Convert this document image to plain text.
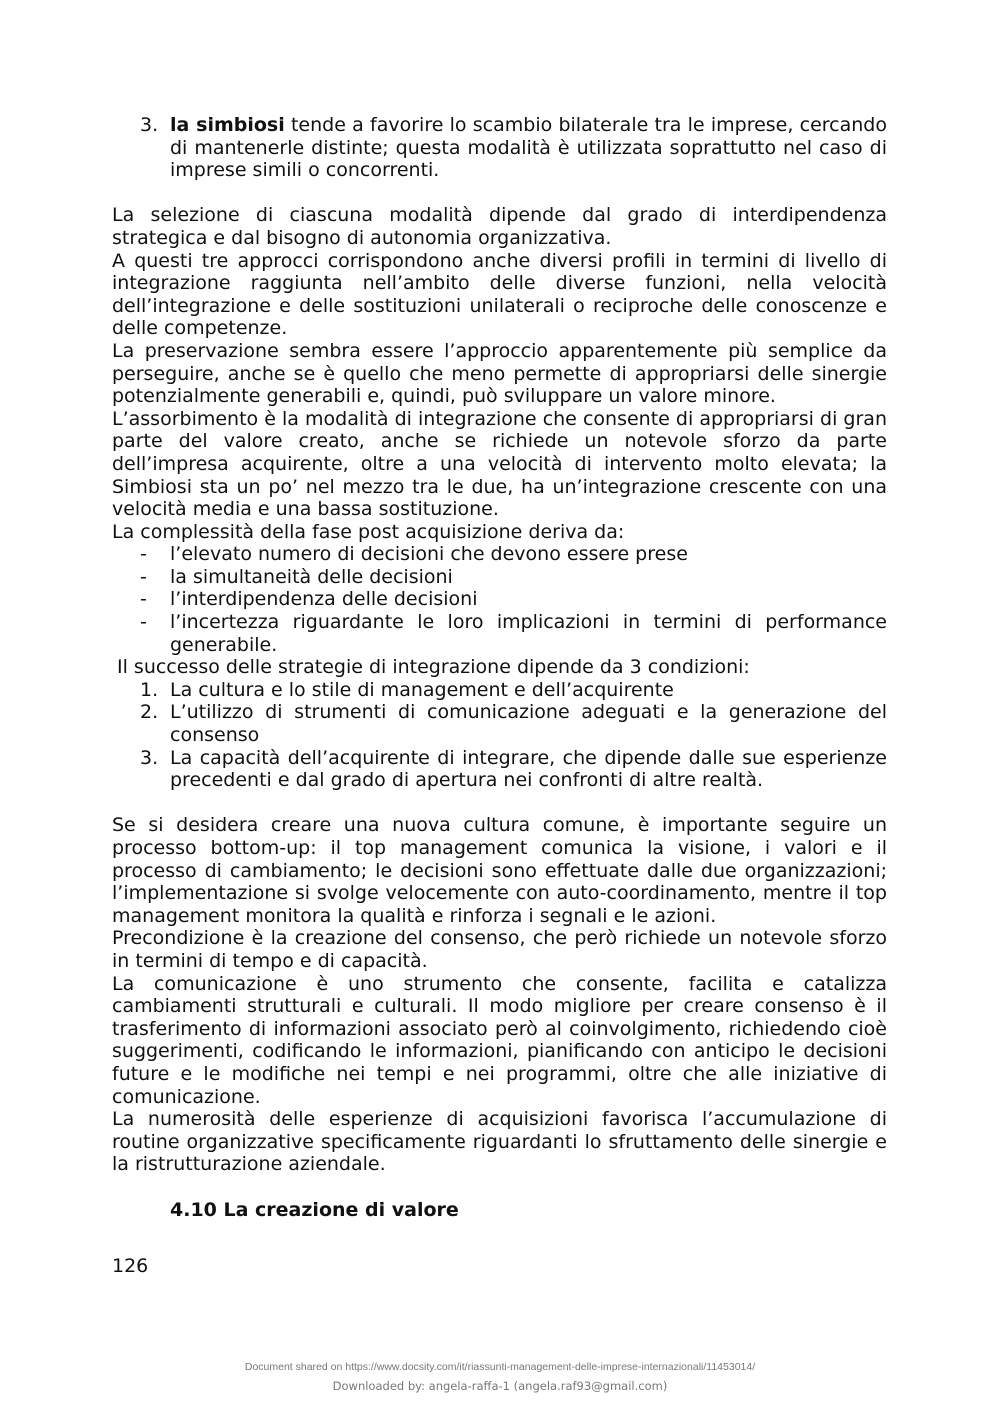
3. la simbiosi tende a favorire lo scambio bilaterale tra le imprese, cercando di mantenerle distinte; questa modalità è utilizzata soprattutto nel caso di imprese simili o concorrenti.

La selezione di ciascuna modalità dipende dal grado di interdipendenza strategica e dal bisogno di autonomia organizzativa.

A questi tre approcci corrispondono anche diversi profili in termini di livello di integrazione raggiunta nell’ambito delle diverse funzioni, nella velocità dell’integrazione e delle sostituzioni unilaterali o reciproche delle conoscenze e delle competenze.

La preservazione sembra essere l’approccio apparentemente più semplice da perseguire, anche se è quello che meno permette di appropriarsi delle sinergie potenzialmente generabili e, quindi, può sviluppare un valore minore.

L’assorbimento è la modalità di integrazione che consente di appropriarsi di gran parte del valore creato, anche se richiede un notevole sforzo da parte dell’impresa acquirente, oltre a una velocità di intervento molto elevata; la Simbiosi sta un po’ nel mezzo tra le due, ha un’integrazione crescente con una velocità media e una bassa sostituzione.

La complessità della fase post acquisizione deriva da:

- l’elevato numero di decisioni che devono essere prese
- la simultaneità delle decisioni
- l’interdipendenza delle decisioni
- l’incertezza riguardante le loro implicazioni in termini di performance generabile.

Il successo delle strategie di integrazione dipende da 3 condizioni:

1. La cultura e lo stile di management e dell’acquirente
2. L’utilizzo di strumenti di comunicazione adeguati e la generazione del consenso
3. La capacità dell’acquirente di integrare, che dipende dalle sue esperienze precedenti e dal grado di apertura nei confronti di altre realtà.

Se si desidera creare una nuova cultura comune, è importante seguire un processo bottom-up: il top management comunica la visione, i valori e il processo di cambiamento; le decisioni sono effettuate dalle due organizzazioni; l’implementazione si svolge velocemente con auto-coordinamento, mentre il top management monitora la qualità e rinforza i segnali e le azioni.

Precondizione è la creazione del consenso, che però richiede un notevole sforzo in termini di tempo e di capacità.

La comunicazione è uno strumento che consente, facilita e catalizza cambiamenti strutturali e culturali. Il modo migliore per creare consenso è il trasferimento di informazioni associato però al coinvolgimento, richiedendo cioè suggerimenti, codificando le informazioni, pianificando con anticipo le decisioni future e le modifiche nei tempi e nei programmi, oltre che alle iniziative di comunicazione.

La numerosità delle esperienze di acquisizioni favorisca l’accumulazione di routine organizzative specificamente riguardanti lo sfruttamento delle sinergie e la ristrutturazione aziendale.

4.10 La creazione di valore
126
Document shared on https://www.docsity.com/it/riassunti-management-delle-imprese-internazionali/11453014/
Downloaded by: angela-raffa-1 (angela.raf93@gmail.com)
